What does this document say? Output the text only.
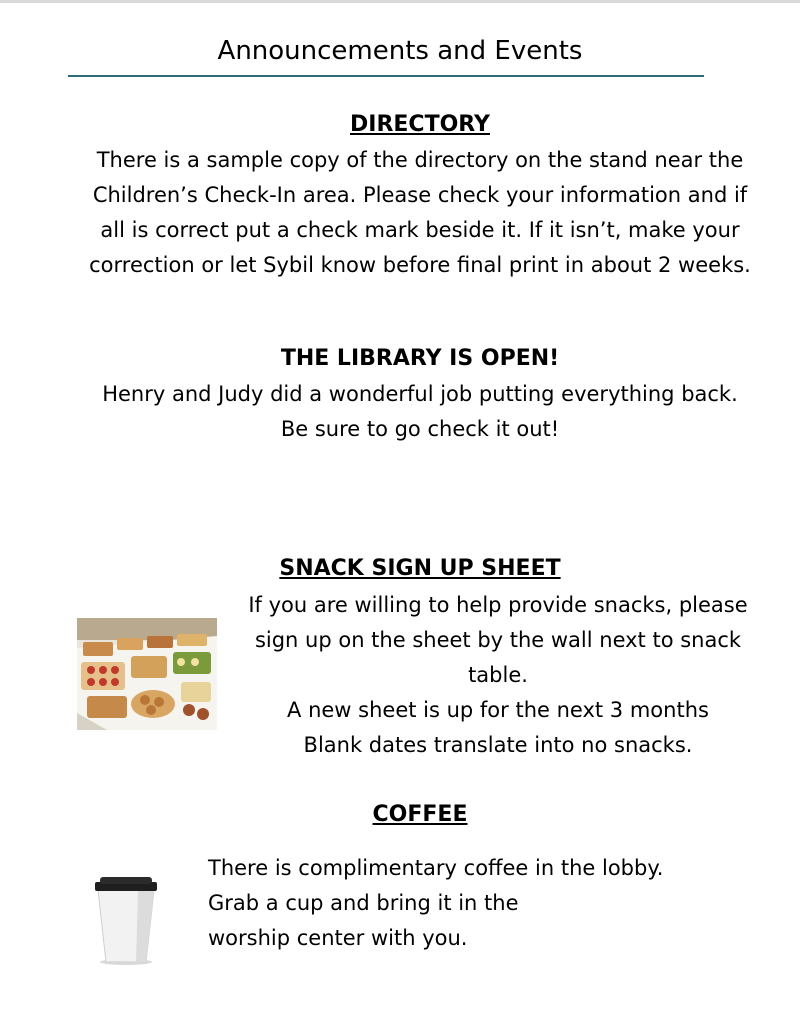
Announcements and Events
DIRECTORY
There is a sample copy of the directory on the stand near the
Children’s Check-In area. Please check your information and if
all is correct put a check mark beside it. If it isn’t, make your
correction or let Sybil know before final print in about 2 weeks.
THE LIBRARY IS OPEN!
Henry and Judy did a wonderful job putting everything back.
Be sure to go check it out!
SNACK SIGN UP SHEET
If you are willing to help provide snacks, please
sign up on the sheet by the wall next to snack
table.
A new sheet is up for the next 3 months
Blank dates translate into no snacks.
COFFEE
There is complimentary coffee in the lobby.
Grab a cup and bring it in the
worship center with you.
